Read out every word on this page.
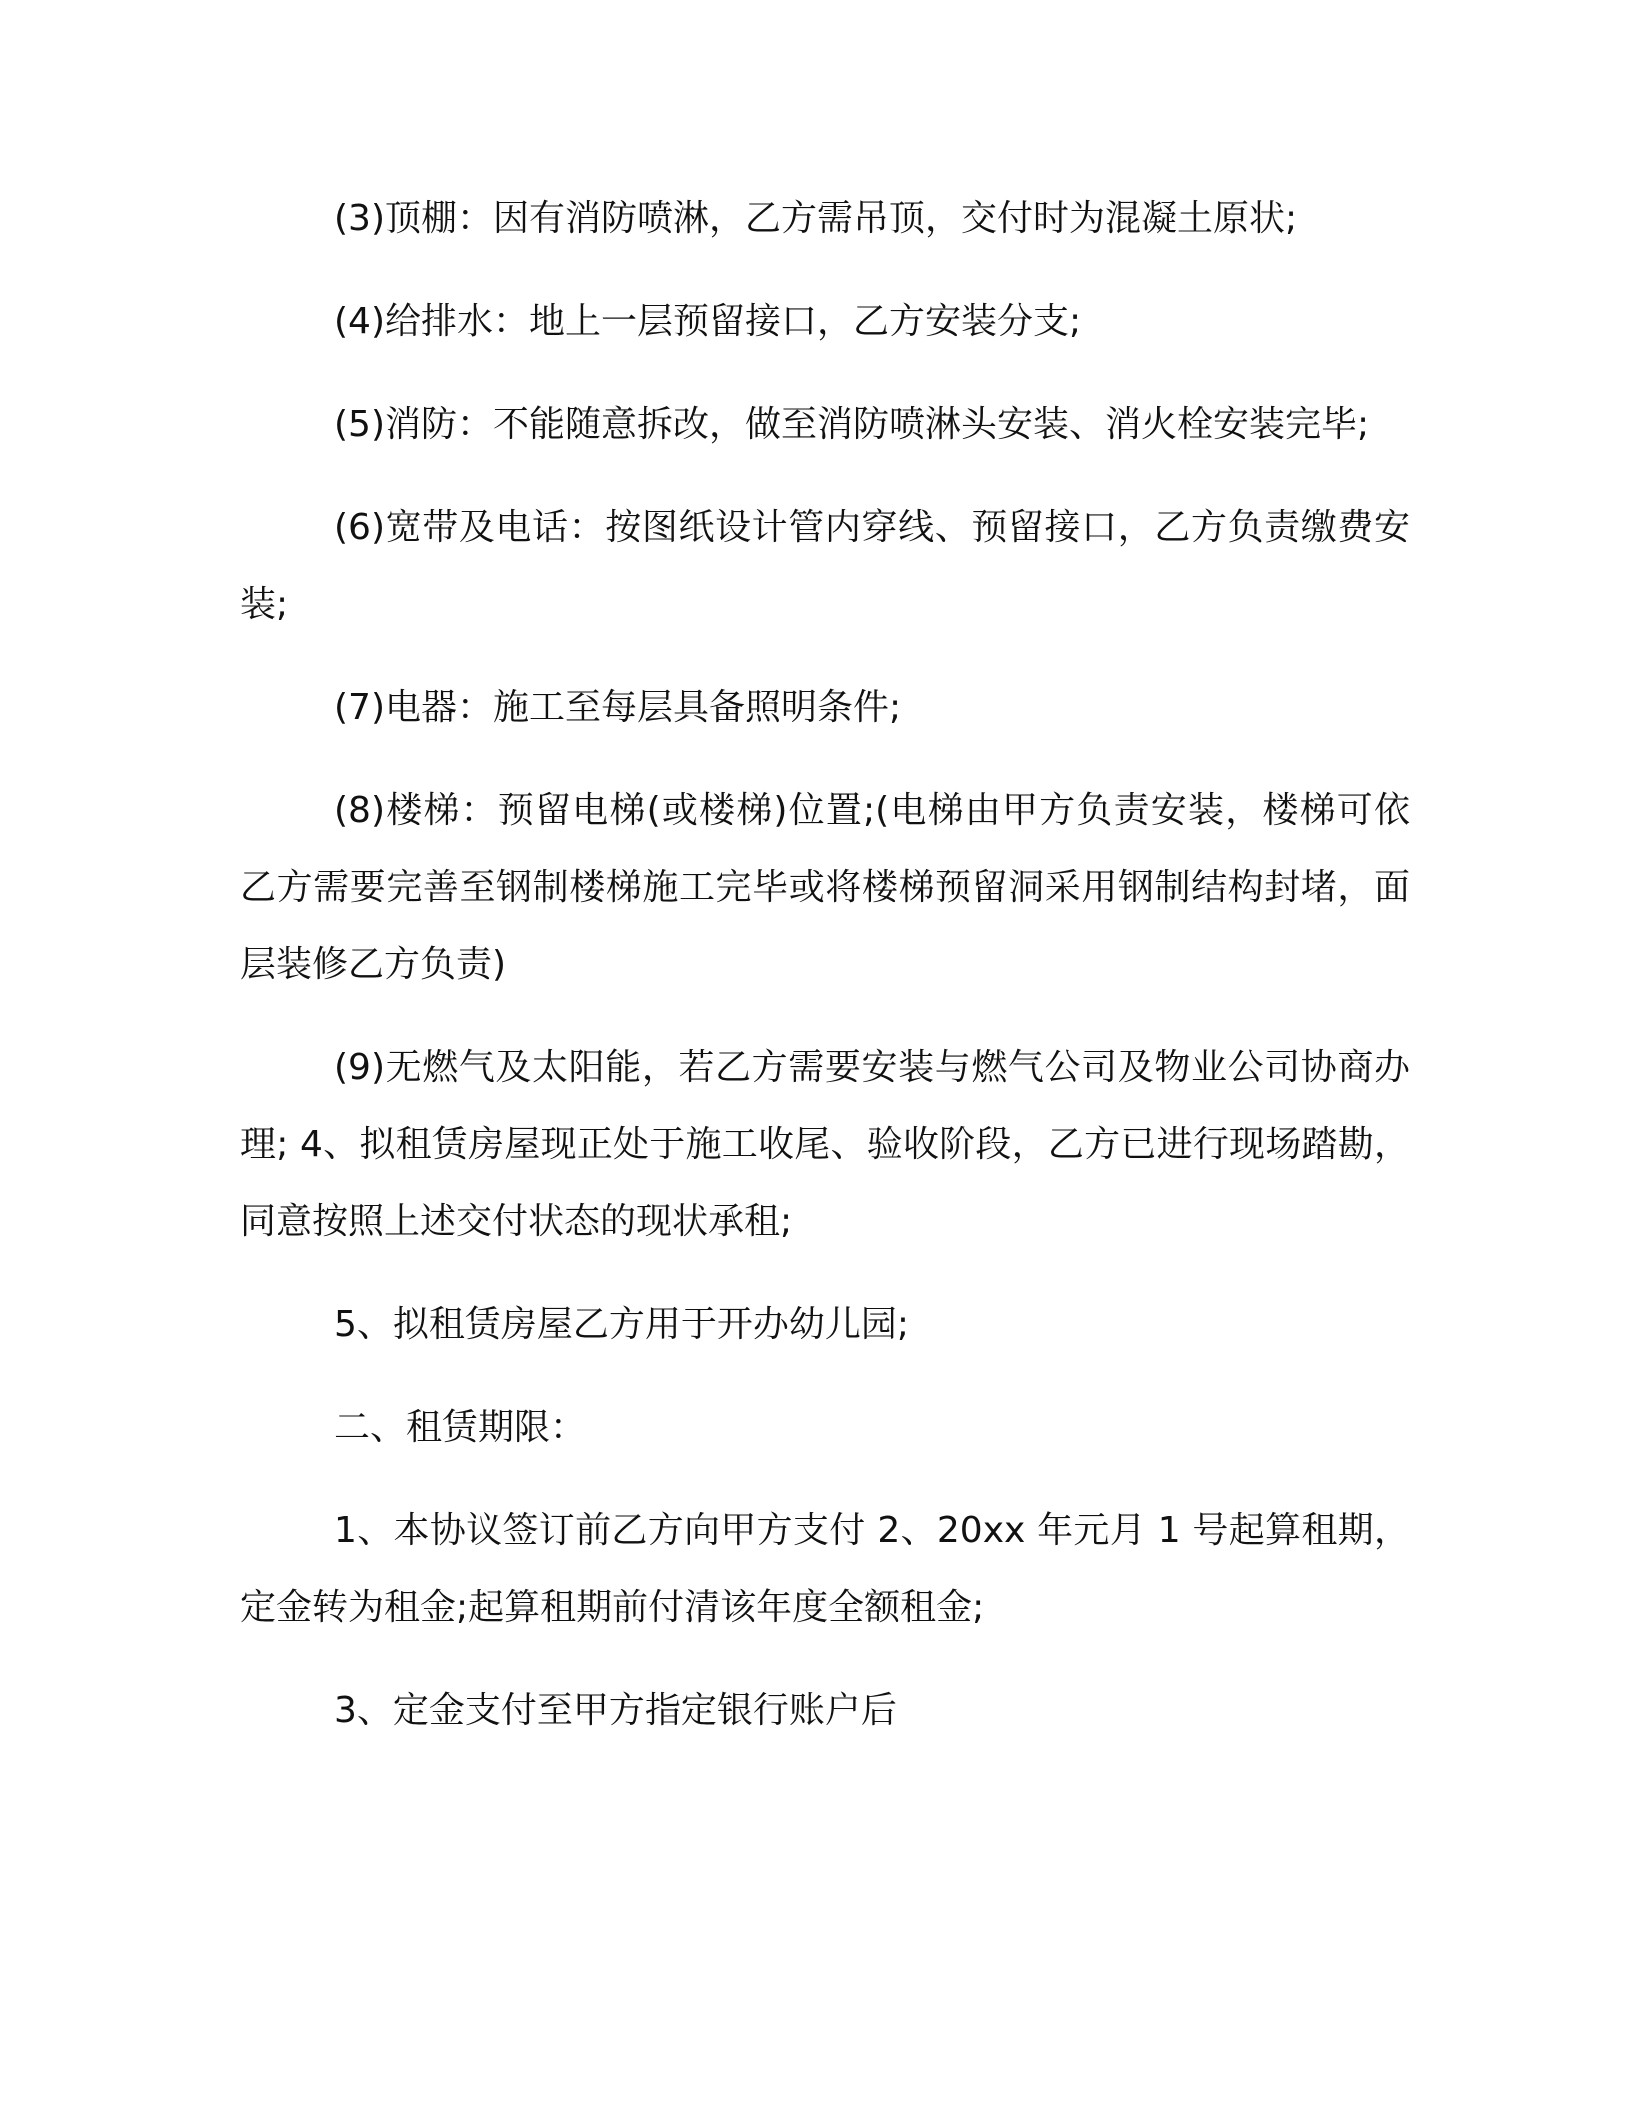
(3)顶棚：因有消防喷淋，乙方需吊顶，交付时为混凝土原状;

(4)给排水：地上一层预留接口，乙方安装分支;

(5)消防：不能随意拆改，做至消防喷淋头安装、消火栓安装完毕;

(6)宽带及电话：按图纸设计管内穿线、预留接口，乙方负责缴费安装;

(7)电器：施工至每层具备照明条件;

(8)楼梯：预留电梯(或楼梯)位置;(电梯由甲方负责安装，楼梯可依乙方需要完善至钢制楼梯施工完毕或将楼梯预留洞采用钢制结构封堵，面层装修乙方负责)

(9)无燃气及太阳能，若乙方需要安装与燃气公司及物业公司协商办理; 4、拟租赁房屋现正处于施工收尾、验收阶段，乙方已进行现场踏勘，同意按照上述交付状态的现状承租;

5、拟租赁房屋乙方用于开办幼儿园;

二、租赁期限：

1、本协议签订前乙方向甲方支付 2、20xx 年元月 1 号起算租期，定金转为租金;起算租期前付清该年度全额租金;

3、定金支付至甲方指定银行账户后
